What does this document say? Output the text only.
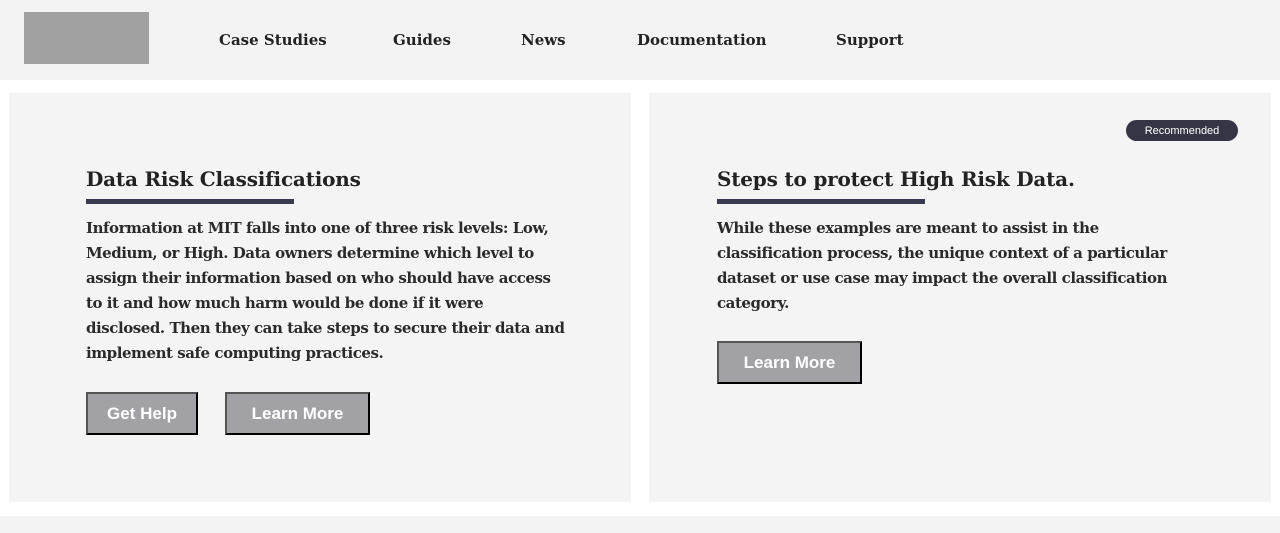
Case Studies	Guides	News	Documentation	Support
Data Risk Classifications
Information at MIT falls into one of three risk levels: Low,
Medium, or High. Data owners determine which level to
assign their information based on who should have access
to it and how much harm would be done if it were
disclosed. Then they can take steps to secure their data and
implement safe computing practices.
Get Help	Learn More
Recommended
Steps to protect High Risk Data.
While these examples are meant to assist in the
classification process, the unique context of a particular
dataset or use case may impact the overall classification
category.
Learn More
